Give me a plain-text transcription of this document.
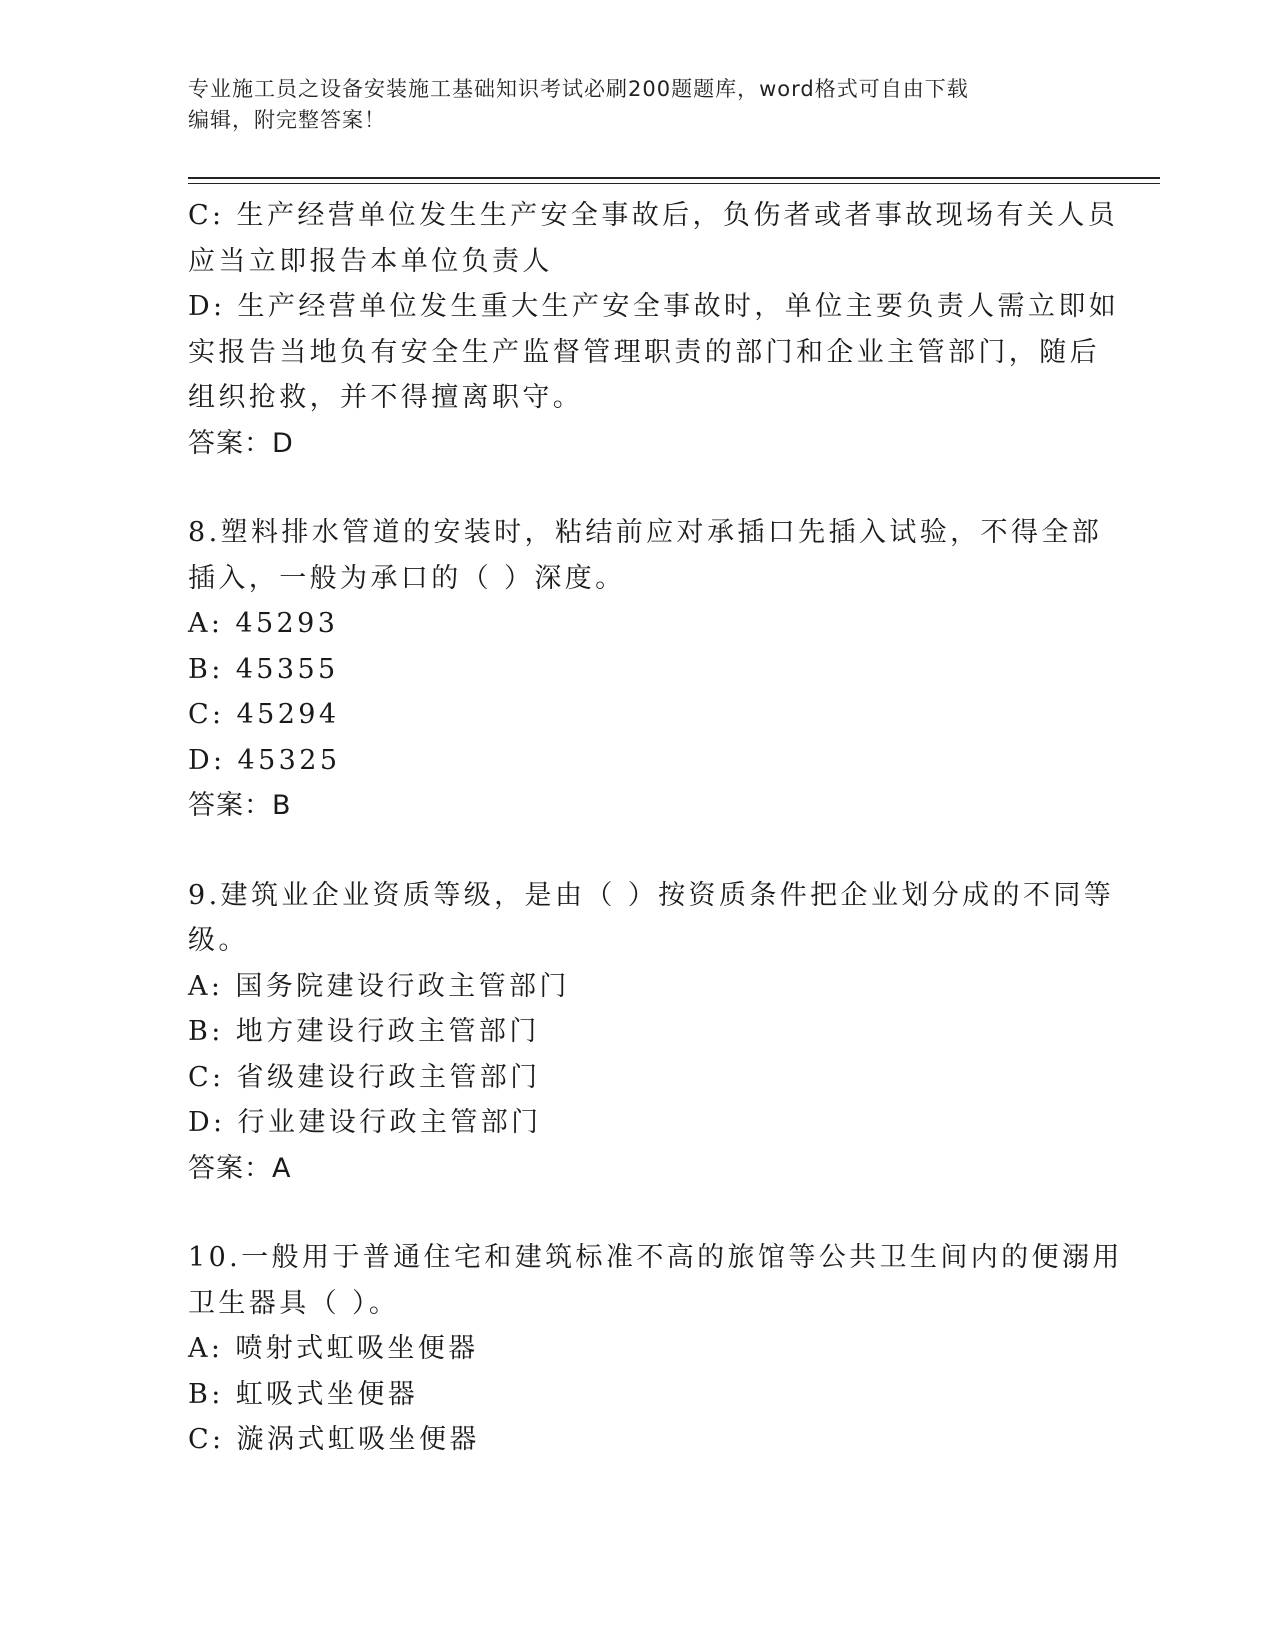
专业施工员之设备安装施工基础知识考试必刷200题题库，word格式可自由下载
编辑，附完整答案！
C: 生产经营单位发生生产安全事故后，负伤者或者事故现场有关人员
应当立即报告本单位负责人
D: 生产经营单位发生重大生产安全事故时，单位主要负责人需立即如
实报告当地负有安全生产监督管理职责的部门和企业主管部门，随后
组织抢救，并不得擅离职守。
答案：D
8.塑料排水管道的安装时，粘结前应对承插口先插入试验，不得全部
插入，一般为承口的（ ）深度。
A: 45293
B: 45355
C: 45294
D: 45325
答案：B
9.建筑业企业资质等级，是由（ ）按资质条件把企业划分成的不同等
级。
A: 国务院建设行政主管部门
B: 地方建设行政主管部门
C: 省级建设行政主管部门
D: 行业建设行政主管部门
答案：A
10.一般用于普通住宅和建筑标准不高的旅馆等公共卫生间内的便溺用
卫生器具（ ）。
A: 喷射式虹吸坐便器
B: 虹吸式坐便器
C: 漩涡式虹吸坐便器
